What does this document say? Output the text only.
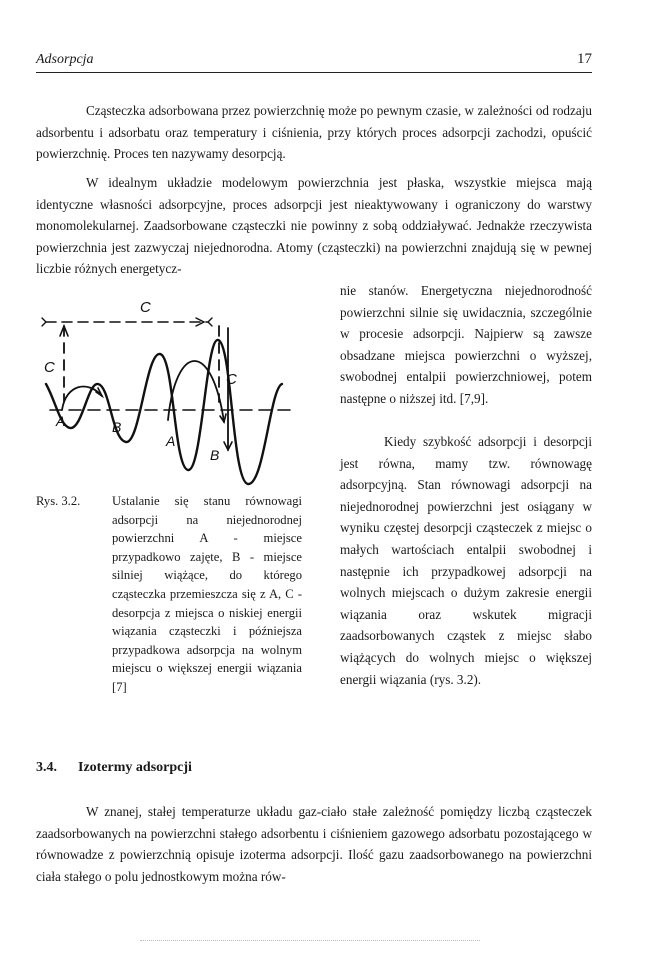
Adsorpcja	17

Cząsteczka adsorbowana przez powierzchnię może po pewnym czasie, w zależności od rodzaju adsorbentu i adsorbatu oraz temperatury i ciśnienia, przy których proces adsorpcji zachodzi, opuścić powierzchnię. Proces ten nazywamy desorpcją.

W idealnym układzie modelowym powierzchnia jest płaska, wszystkie miejsca mają identyczne własności adsorpcyjne, proces adsorpcji jest nieaktywowany i ograniczony do warstwy monomolekularnej. Zaadsorbowane cząsteczki nie powinny z sobą oddziaływać. Jednakże rzeczywista powierzchnia jest zazwyczaj niejednorodna. Atomy (cząsteczki) na powierzchni znajdują się w pewnej liczbie różnych energetycz-

nie stanów. Energetyczna niejednorodność powierzchni silnie się uwidacznia, szczególnie w procesie adsorpcji. Najpierw są zawsze obsadzane miejsca powierzchni o wyższej, swobodnej entalpii powierzchniowej, potem następne o niższej itd. [7,9].

Kiedy szybkość adsorpcji i desorpcji jest równa, mamy tzw. równowagę adsorpcyjną. Stan równowagi adsorpcji na niejednorodnej powierzchni jest osiągany w wyniku częstej desorpcji cząsteczek z miejsc o małych wartościach entalpii swobodnej i następnie ich przypadkowej adsorpcji na wolnych miejscach o dużym zakresie energii wiązania oraz wskutek migracji zaadsorbowanych cząstek z miejsc słabo wiążących do wolnych miejsc o większej energii wiązania (rys. 3.2).

C
C
C
A	B
A
B
Rys. 3.2.	Ustalanie się stanu równowagi adsorpcji na niejednorodnej powierzchni A - miejsce przypadkowo zajęte, B - miejsce silniej wiążące, do którego cząsteczka przemieszcza się z A, C - desorpcja z miejsca o niskiej energii wiązania cząsteczki i późniejsza przypadkowa adsorpcja na wolnym miejscu o większej energii wiązania [7]
3.4. Izotermy adsorpcji

W znanej, stałej temperaturze układu gaz-ciało stałe zależność pomiędzy liczbą cząsteczek zaadsorbowanych na powierzchni stałego adsorbentu i ciśnieniem gazowego adsorbatu pozostającego w równowadze z powierzchnią opisuje izoterma adsorpcji. Ilość gazu zaadsorbowanego na powierzchni ciała stałego o polu jednostkowym można rów-
